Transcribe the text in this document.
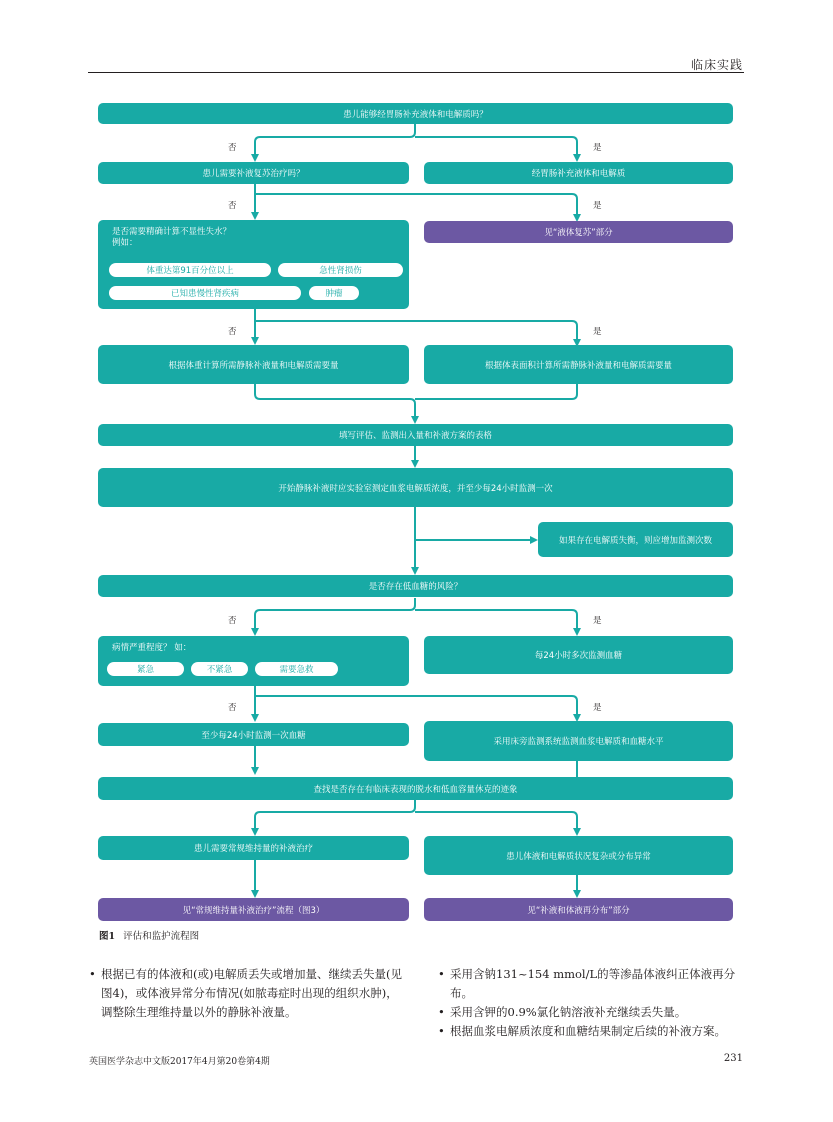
临床实践
患儿能够经胃肠补充液体和电解质吗？
否	是
患儿需要补液复苏治疗吗？	经胃肠补充液体和电解质
否	是
是否需要精确计算不显性失水？
例如：
体重达第91百分位以上	急性肾损伤
已知患慢性肾疾病	肿瘤
见“液体复苏”部分
否	是
根据体重计算所需静脉补液量和电解质需要量	根据体表面积计算所需静脉补液量和电解质需要量
填写评估、监测出入量和补液方案的表格
开始静脉补液时应实验室测定血浆电解质浓度，并至少每24小时监测一次
如果存在电解质失衡，则应增加监测次数
是否存在低血糖的风险？
否	是
病情严重程度？ 如：
紧急	不紧急	需要急救
每24小时多次监测血糖
否	是
至少每24小时监测一次血糖
采用床旁监测系统监测血浆电解质和血糖水平
查找是否存在有临床表现的脱水和低血容量休克的迹象
患儿需要常规维持量的补液治疗
患儿体液和电解质状况复杂或分布异常
见“常规维持量补液治疗”流程（图3）	见“补液和体液再分布”部分
图1 评估和监护流程图
• 根据已有的体液和(或)电解质丢失或增加量、继续丢失量(见图4)，或体液异常分布情况(如脓毒症时出现的组织水肿)，调整除生理维持量以外的静脉补液量。
• 采用含钠131~154 mmol/L的等渗晶体液纠正体液再分布。
• 采用含钾的0.9%氯化钠溶液补充继续丢失量。
• 根据血浆电解质浓度和血糖结果制定后续的补液方案。
英国医学杂志中文版2017年4月第20卷第4期	231
